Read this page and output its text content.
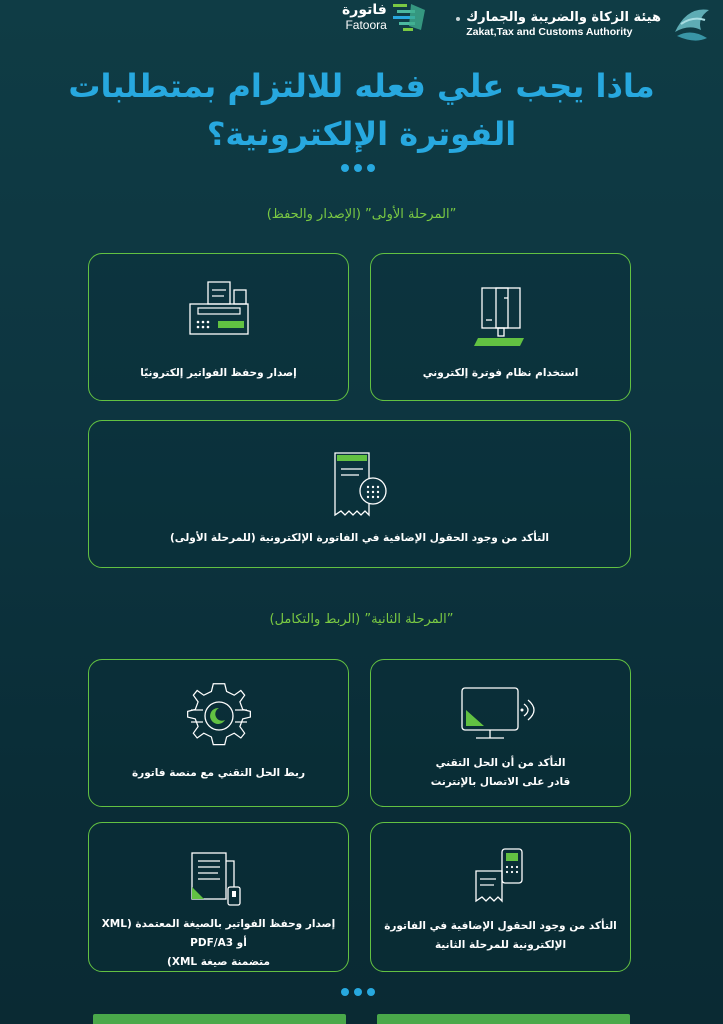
هيئة الزكاة والضريبة والجمارك
Zakat,Tax and Customs Authority
فاتورة
Fatoora
ماذا يجب علي فعله للالتزام بمتطلبات
الفوترة الإلكترونية؟
”المرحلة الأولى” (الإصدار والحفظ)
استخدام نظام فوترة إلكتروني
إصدار وحفظ الفواتير إلكترونيًا
التأكد من وجود الحقول الإضافية في الفاتورة الإلكترونية (للمرحلة الأولى)
”المرحلة الثانية” (الربط والتكامل)
التأكد من أن الحل التقني
قادر على الاتصال بالإنترنت
ربط الحل التقني مع منصة فاتورة
التأكد من وجود الحقول الإضافية في الفاتورة
الإلكترونية للمرحلة الثانية
إصدار وحفظ الفواتير بالصيغة المعتمدة (XML أو PDF/A3
متضمنة صيغة XML)
